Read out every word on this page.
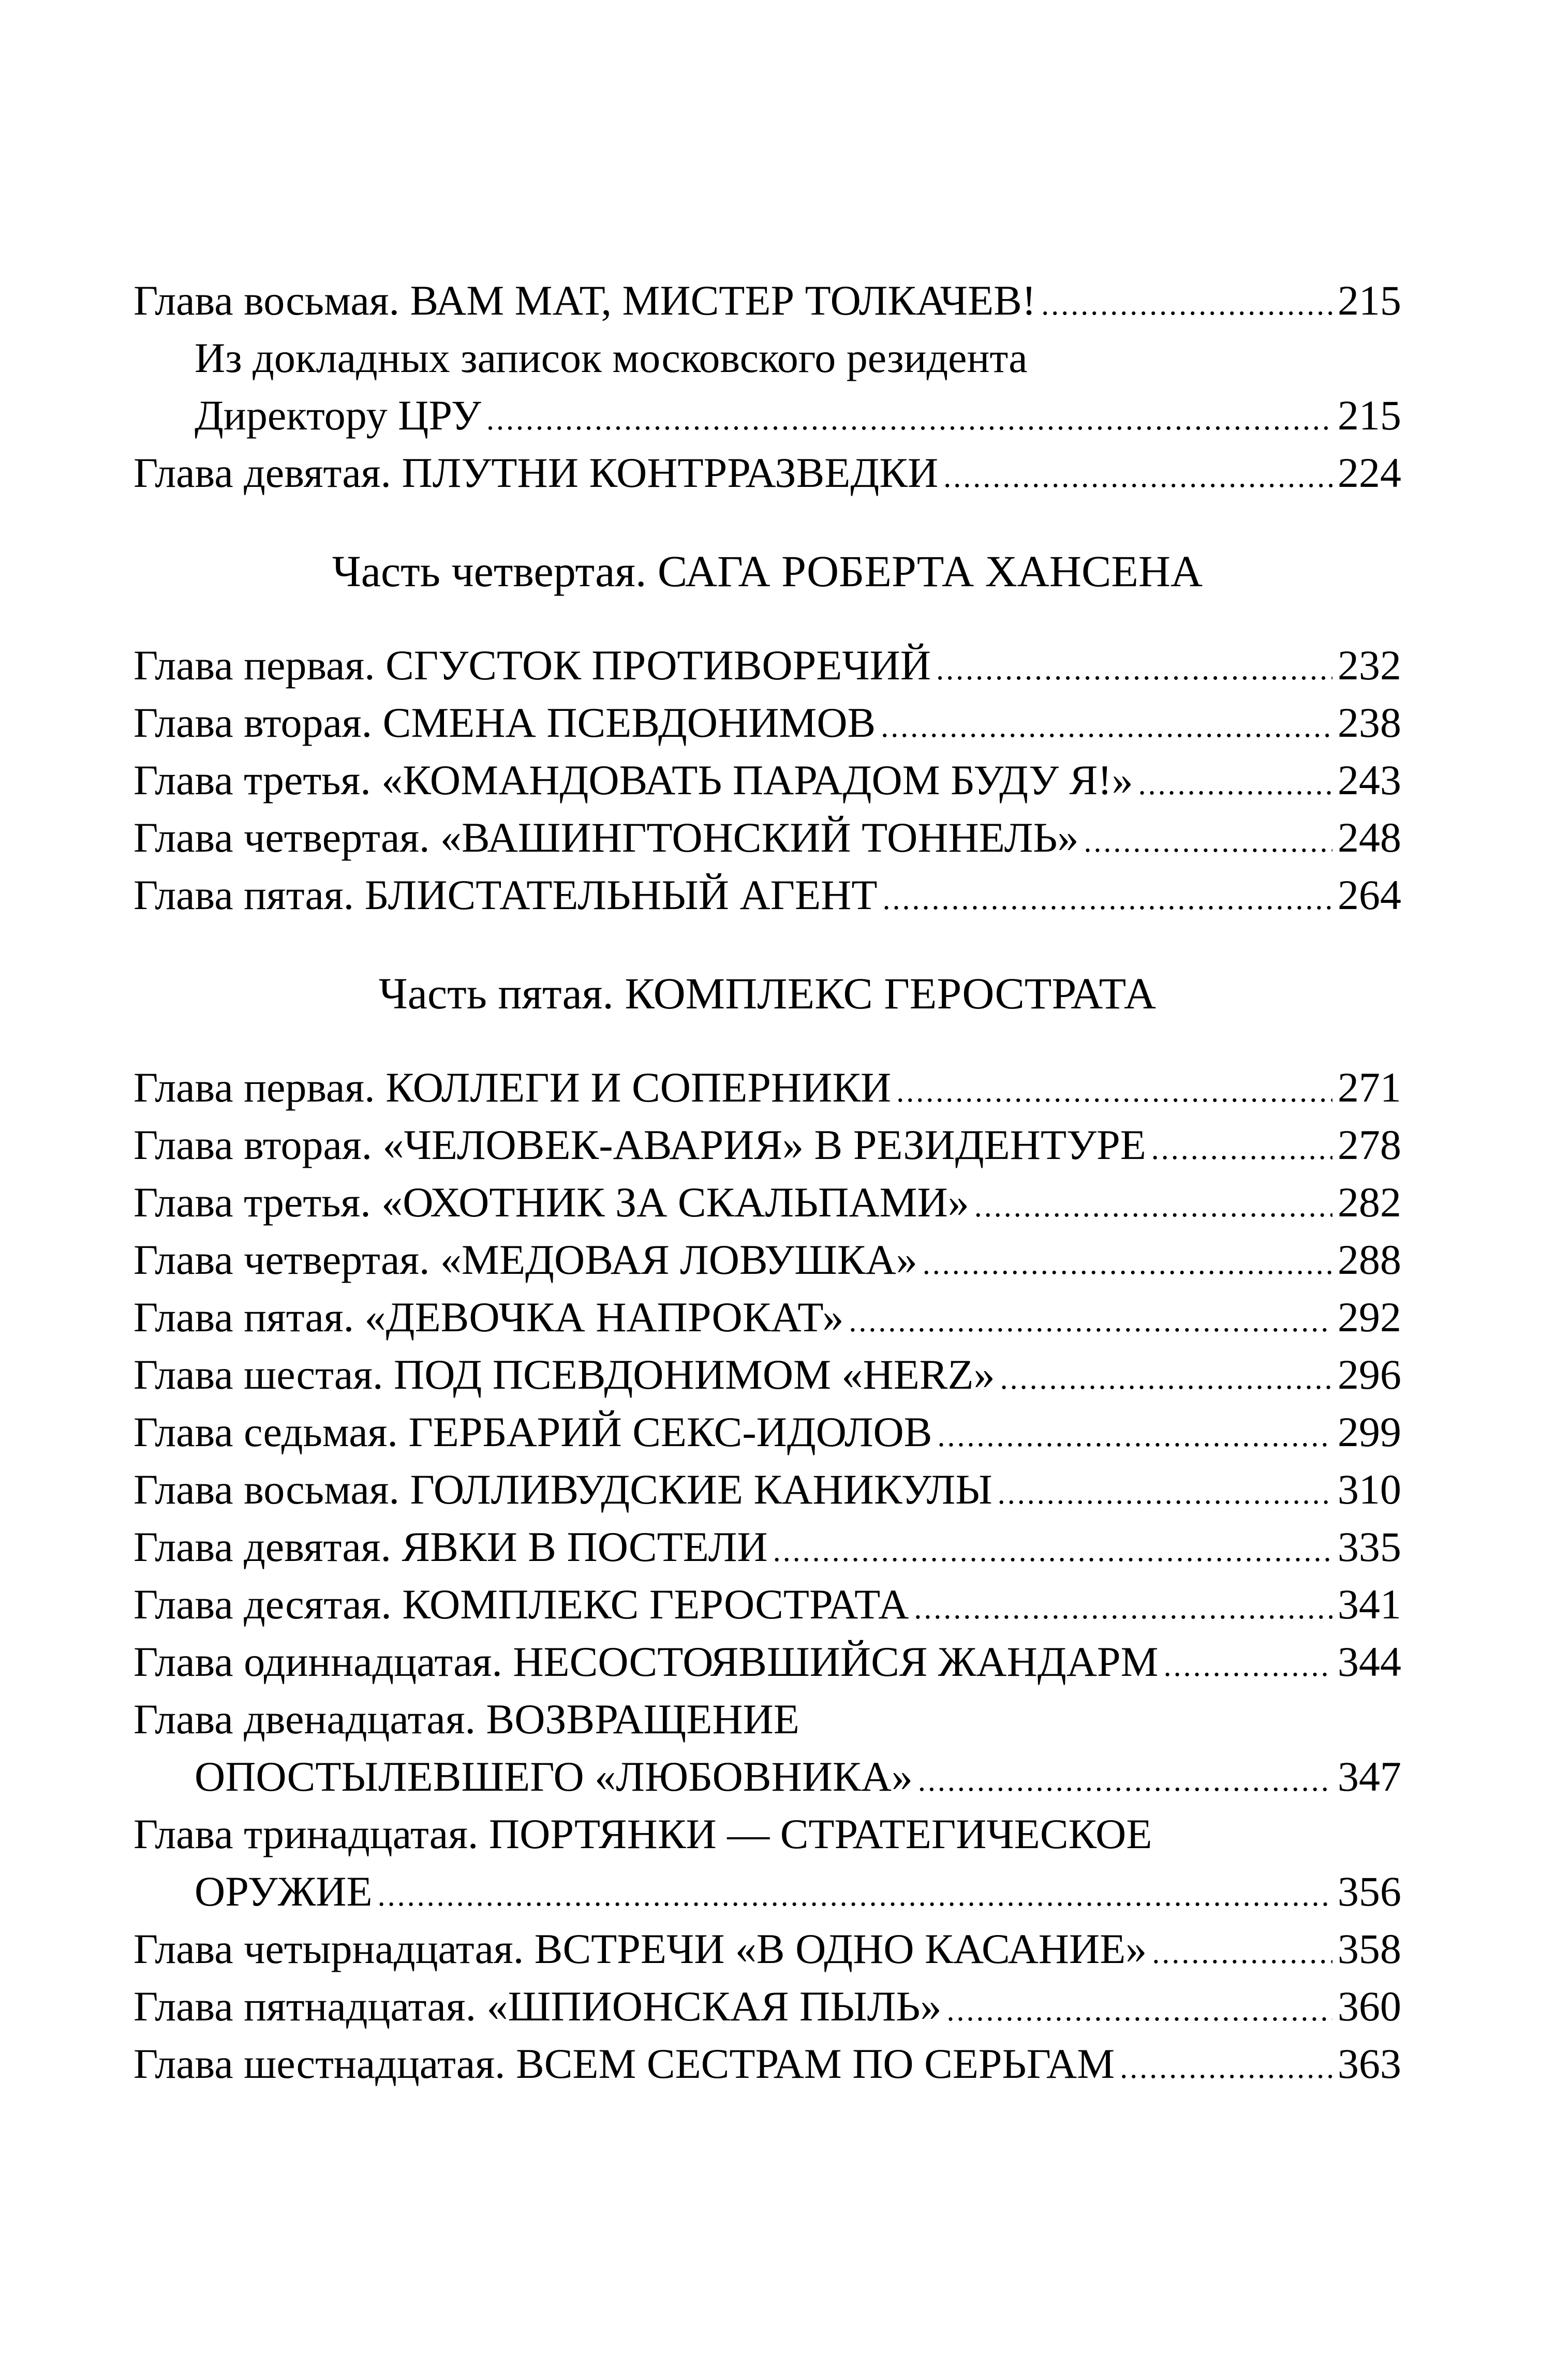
Глава восьмая. ВАМ МАТ, МИСТЕР ТОЛКАЧЕВ! .....	215
Из докладных записок московского резидента
Директору ЦРУ .....	215
Глава девятая. ПЛУТНИ КОНТРРАЗВЕДКИ .....	224
Часть четвертая. САГА РОБЕРТА ХАНСЕНА
Глава первая. СГУСТОК ПРОТИВОРЕЧИЙ .....	232
Глава вторая. СМЕНА ПСЕВДОНИМОВ .....	238
Глава третья. «КОМАНДОВАТЬ ПАРАДОМ БУДУ Я!» .....	243
Глава четвертая. «ВАШИНГТОНСКИЙ ТОННЕЛЬ» .....	248
Глава пятая. БЛИСТАТЕЛЬНЫЙ АГЕНТ .....	264
Часть пятая. КОМПЛЕКС ГЕРОСТРАТА
Глава первая. КОЛЛЕГИ И СОПЕРНИКИ .....	271
Глава вторая. «ЧЕЛОВЕК-АВАРИЯ» В РЕЗИДЕНТУРЕ .....	278
Глава третья. «ОХОТНИК ЗА СКАЛЬПАМИ» .....	282
Глава четвертая. «МЕДОВАЯ ЛОВУШКА» .....	288
Глава пятая. «ДЕВОЧКА НАПРОКАТ» .....	292
Глава шестая. ПОД ПСЕВДОНИМОМ «HERZ» .....	296
Глава седьмая. ГЕРБАРИЙ СЕКС-ИДОЛОВ .....	299
Глава восьмая. ГОЛЛИВУДСКИЕ КАНИКУЛЫ .....	310
Глава девятая. ЯВКИ В ПОСТЕЛИ .....	335
Глава десятая. КОМПЛЕКС ГЕРОСТРАТА .....	341
Глава одиннадцатая. НЕСОСТОЯВШИЙСЯ ЖАНДАРМ .....	344
Глава двенадцатая. ВОЗВРАЩЕНИЕ
ОПОСТЫЛЕВШЕГО «ЛЮБОВНИКА» .....	347
Глава тринадцатая. ПОРТЯНКИ — СТРАТЕГИЧЕСКОЕ
ОРУЖИЕ .....	356
Глава четырнадцатая. ВСТРЕЧИ «В ОДНО КАСАНИЕ» .....	358
Глава пятнадцатая. «ШПИОНСКАЯ ПЫЛЬ» .....	360
Глава шестнадцатая. ВСЕМ СЕСТРАМ ПО СЕРЬГАМ .....	363
